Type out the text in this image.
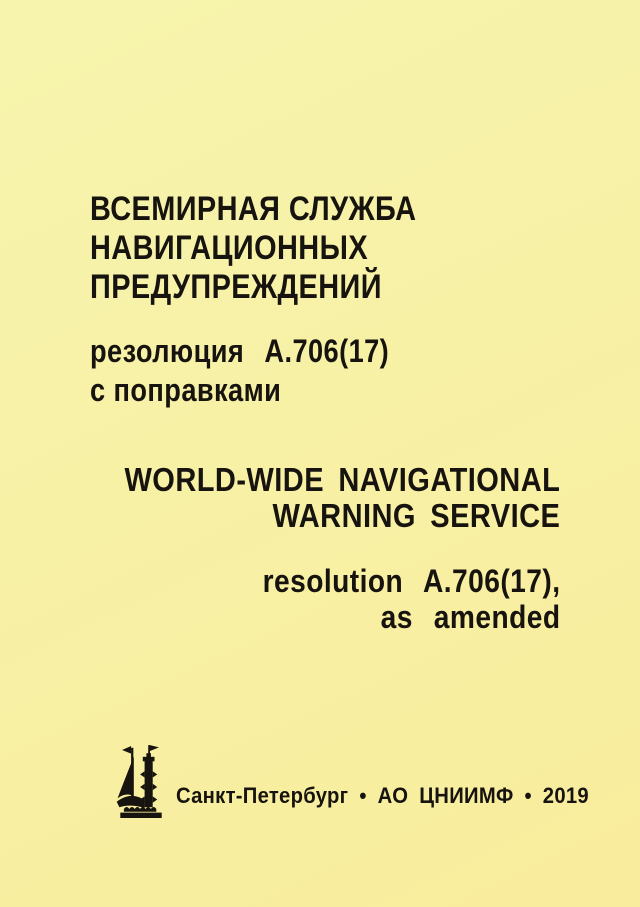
ВСЕМИРНАЯ СЛУЖБА
НАВИГАЦИОННЫХ
ПРЕДУПРЕЖДЕНИЙ
резолюция А.706(17)
с поправками
WORLD-WIDE NAVIGATIONAL
WARNING SERVICE
resolution A.706(17),
as amended
Санкт-Петербург • АО ЦНИИМФ • 2019
